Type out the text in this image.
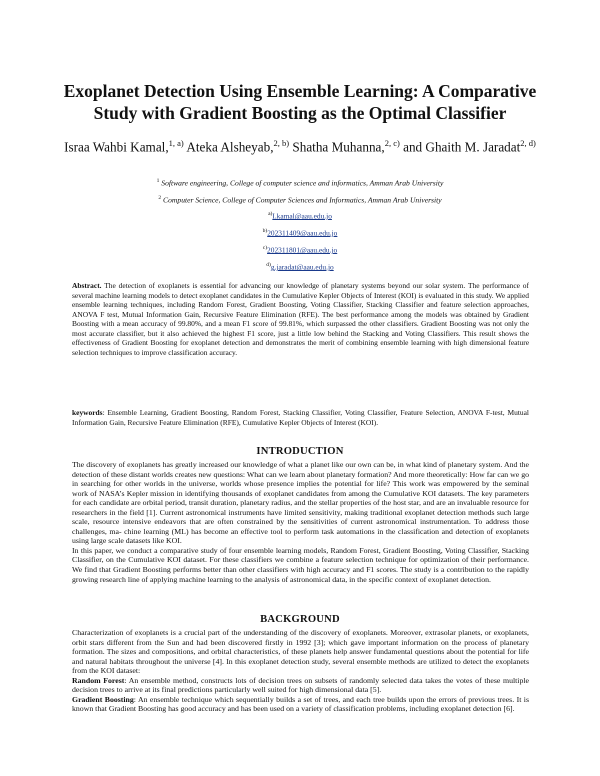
Exoplanet Detection Using Ensemble Learning: A Comparative Study with Gradient Boosting as the Optimal Classifier
Israa Wahbi Kamal,$^{1, a)}$ Ateka Alsheyab,$^{2, b)}$ Shatha Muhanna,$^{2, c)}$ and Ghaith M. Jaradat$^{2, d)}$
$^1$ Software engineering, College of computer science and informatics, Amman Arab University
$^2$ Computer Science, College of Computer Sciences and Informatics, Amman Arab University
$^{a)}$I.kamal@aau.edu.jo
$^{b)}$202311409@aau.edu.jo
$^{c)}$202311801@aau.edu.jo
$^{d)}$g.jaradat@aau.edu.jo
Abstract. The detection of exoplanets is essential for advancing our knowledge of planetary systems beyond our solar system. The performance of several machine learning models to detect exoplanet candidates in the Cumulative Kepler Objects of Interest (KOI) is evaluated in this study. We applied ensemble learning techniques, including Random Forest, Gradient Boosting, Voting Classifier, Stacking Classifier and feature selection approaches, ANOVA F test, Mutual Information Gain, Recursive Feature Elimination (RFE). The best performance among the models was obtained by Gradient Boosting with a mean accuracy of 99.80%, and a mean F1 score of 99.81%, which surpassed the other classifiers. Gradient Boosting was not only the most accurate classifier, but it also achieved the highest F1 score, just a little low behind the Stacking and Voting Classifiers. This result shows the effectiveness of Gradient Boosting for exoplanet detection and demonstrates the merit of combining ensemble learning with high dimensional feature selection techniques to improve classification accuracy.
keywords: Ensemble Learning, Gradient Boosting, Random Forest, Stacking Classifier, Voting Classifier, Feature Selection, ANOVA F-test, Mutual Information Gain, Recursive Feature Elimination (RFE), Cumulative Kepler Objects of Interest (KOI).
INTRODUCTION

The discovery of exoplanets has greatly increased our knowledge of what a planet like our own can be, in what kind of planetary system. And the detection of these distant worlds creates new questions: What can we learn about planetary formation? And more theoretically: How far can we go in searching for other worlds in the universe, worlds whose presence implies the potential for life? This work was empowered by the seminal work of NASA’s Kepler mission in identifying thousands of exoplanet candidates from among the Cumulative KOI datasets. The key parameters for each candidate are orbital period, transit duration, planetary radius, and the stellar properties of the host star, and are an invaluable resource for researchers in the field [1]. Current astronomical instruments have limited sensitivity, making traditional exoplanet detection methods such large scale, resource intensive endeavors that are often constrained by the sensitivities of current astronomical instrumentation. To address those challenges, ma- chine learning (ML) has become an effective tool to perform task automations in the classification and detection of exoplanets using large scale datasets like KOI.

In this paper, we conduct a comparative study of four ensemble learning models, Random Forest, Gradient Boosting, Voting Classifier, Stacking Classifier, on the Cumulative KOI dataset. For these classifiers we combine a feature selection technique for optimization of their performance. We find that Gradient Boosting performs better than other classifiers with high accuracy and F1 scores. The study is a contribution to the rapidly growing research line of applying machine learning to the analysis of astronomical data, in the specific context of exoplanet detection.

BACKGROUND

Characterization of exoplanets is a crucial part of the understanding of the discovery of exoplanets. Moreover, extrasolar planets, or exoplanets, orbit stars different from the Sun and had been discovered firstly in 1992 [3]; which gave important information on the process of planetary formation. The sizes and compositions, and orbital characteristics, of these planets help answer fundamental questions about the potential for life and natural habitats throughout the universe [4]. In this exoplanet detection study, several ensemble methods are utilized to detect the exoplanets from the KOI dataset:

Random Forest: An ensemble method, constructs lots of decision trees on subsets of randomly selected data takes the votes of these multiple decision trees to arrive at its final predictions particularly well suited for high dimensional data [5].

Gradient Boosting: An ensemble technique which sequentially builds a set of trees, and each tree builds upon the errors of previous trees. It is known that Gradient Boosting has good accuracy and has been used on a variety of classification problems, including exoplanet detection [6].
